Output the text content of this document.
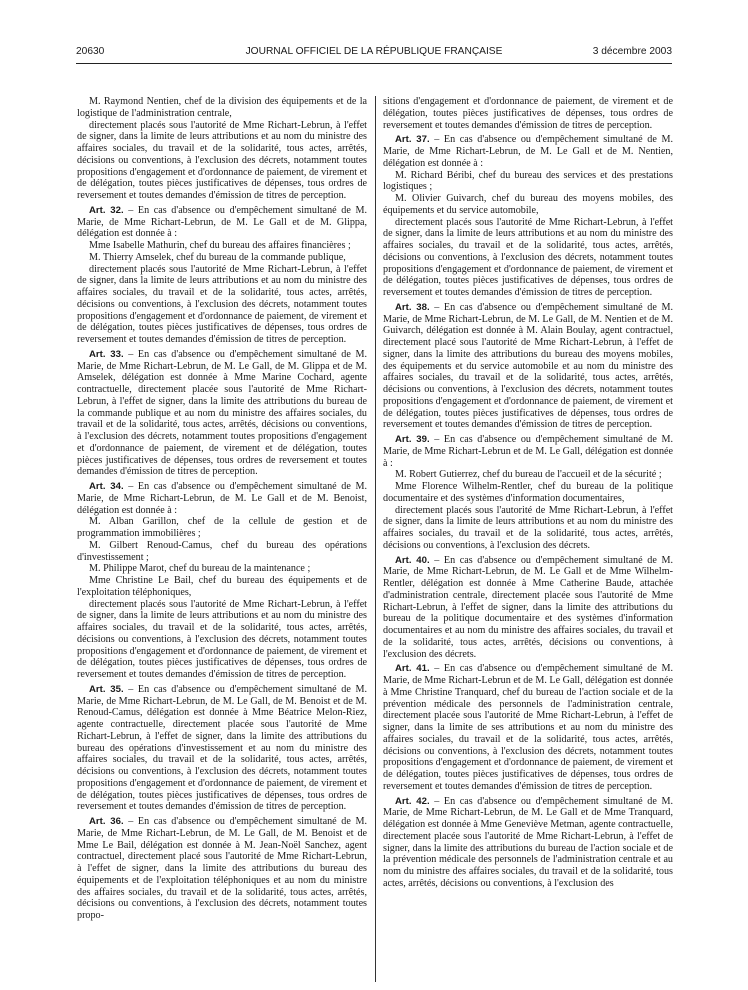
20630	JOURNAL OFFICIEL DE LA RÉPUBLIQUE FRANÇAISE	3 décembre 2003

M. Raymond Nentien, chef de la division des équipements et de la logistique de l'administration centrale,

directement placés sous l'autorité de Mme Richart-Lebrun, à l'effet de signer, dans la limite de leurs attributions et au nom du ministre des affaires sociales, du travail et de la solidarité, tous actes, arrêtés, décisions ou conventions, à l'exclusion des décrets, notamment toutes propositions d'engagement et d'ordonnance de paiement, de virement et de délégation, toutes pièces justificatives de dépenses, tous ordres de reversement et toutes demandes d'émission de titres de perception.

Art. 32. – En cas d'absence ou d'empêchement simultané de M. Marie, de Mme Richart-Lebrun, de M. Le Gall et de M. Glippa, délégation est donnée à :

Mme Isabelle Mathurin, chef du bureau des affaires financières ;

M. Thierry Amselek, chef du bureau de la commande publique,

directement placés sous l'autorité de Mme Richart-Lebrun, à l'effet de signer, dans la limite de leurs attributions et au nom du ministre des affaires sociales, du travail et de la solidarité, tous actes, arrêtés, décisions ou conventions, à l'exclusion des décrets, notamment toutes propositions d'engagement et d'ordonnance de paiement, de virement et de délégation, toutes pièces justificatives de dépenses, tous ordres de reversement et toutes demandes d'émission de titres de perception.

Art. 33. – En cas d'absence ou d'empêchement simultané de M. Marie, de Mme Richart-Lebrun, de M. Le Gall, de M. Glippa et de M. Amselek, délégation est donnée à Mme Marine Cochard, agente contractuelle, directement placée sous l'autorité de Mme Richart-Lebrun, à l'effet de signer, dans la limite des attributions du bureau de la commande publique et au nom du ministre des affaires sociales, du travail et de la solidarité, tous actes, arrêtés, décisions ou conventions, à l'exclusion des décrets, notamment toutes propositions d'engagement et d'ordonnance de paiement, de virement et de délégation, toutes pièces justificatives de dépenses, tous ordres de reversement et toutes demandes d'émission de titres de perception.

Art. 34. – En cas d'absence ou d'empêchement simultané de M. Marie, de Mme Richart-Lebrun, de M. Le Gall et de M. Benoist, délégation est donnée à :

M. Alban Garillon, chef de la cellule de gestion et de programmation immobilières ;

M. Gilbert Renoud-Camus, chef du bureau des opérations d'investissement ;

M. Philippe Marot, chef du bureau de la maintenance ;

Mme Christine Le Bail, chef du bureau des équipements et de l'exploitation téléphoniques,

directement placés sous l'autorité de Mme Richart-Lebrun, à l'effet de signer, dans la limite de leurs attributions et au nom du ministre des affaires sociales, du travail et de la solidarité, tous actes, arrêtés, décisions ou conventions, à l'exclusion des décrets, notamment toutes propositions d'engagement et d'ordonnance de paiement, de virement et de délégation, toutes pièces justificatives de dépenses, tous ordres de reversement et toutes demandes d'émission de titres de perception.

Art. 35. – En cas d'absence ou d'empêchement simultané de M. Marie, de Mme Richart-Lebrun, de M. Le Gall, de M. Benoist et de M. Renoud-Camus, délégation est donnée à Mme Béatrice Melon-Riez, agente contractuelle, directement placée sous l'autorité de Mme Richart-Lebrun, à l'effet de signer, dans la limite des attributions du bureau des opérations d'investissement et au nom du ministre des affaires sociales, du travail et de la solidarité, tous actes, arrêtés, décisions ou conventions, à l'exclusion des décrets, notamment toutes propositions d'engagement et d'ordonnance de paiement, de virement et de délégation, toutes pièces justificatives de dépenses, tous ordres de reversement et toutes demandes d'émission de titres de perception.

Art. 36. – En cas d'absence ou d'empêchement simultané de M. Marie, de Mme Richart-Lebrun, de M. Le Gall, de M. Benoist et de Mme Le Bail, délégation est donnée à M. Jean-Noël Sanchez, agent contractuel, directement placé sous l'autorité de Mme Richart-Lebrun, à l'effet de signer, dans la limite des attributions du bureau des équipements et de l'exploitation téléphoniques et au nom du ministre des affaires sociales, du travail et de la solidarité, tous actes, arrêtés, décisions ou conventions, à l'exclusion des décrets, notamment toutes propo-

sitions d'engagement et d'ordonnance de paiement, de virement et de délégation, toutes pièces justificatives de dépenses, tous ordres de reversement et toutes demandes d'émission de titres de perception.

Art. 37. – En cas d'absence ou d'empêchement simultané de M. Marie, de Mme Richart-Lebrun, de M. Le Gall et de M. Nentien, délégation est donnée à :

M. Richard Béribi, chef du bureau des services et des prestations logistiques ;

M. Olivier Guivarch, chef du bureau des moyens mobiles, des équipements et du service automobile,

directement placés sous l'autorité de Mme Richart-Lebrun, à l'effet de signer, dans la limite de leurs attributions et au nom du ministre des affaires sociales, du travail et de la solidarité, tous actes, arrêtés, décisions ou conventions, à l'exclusion des décrets, notamment toutes propositions d'engagement et d'ordonnance de paiement, de virement et de délégation, toutes pièces justificatives de dépenses, tous ordres de reversement et toutes demandes d'émission de titres de perception.

Art. 38. – En cas d'absence ou d'empêchement simultané de M. Marie, de Mme Richart-Lebrun, de M. Le Gall, de M. Nentien et de M. Guivarch, délégation est donnée à M. Alain Boulay, agent contractuel, directement placé sous l'autorité de Mme Richart-Lebrun, à l'effet de signer, dans la limite des attributions du bureau des moyens mobiles, des équipements et du service automobile et au nom du ministre des affaires sociales, du travail et de la solidarité, tous actes, arrêtés, décisions ou conventions, à l'exclusion des décrets, notamment toutes propositions d'engagement et d'ordonnance de paiement, de virement et de délégation, toutes pièces justificatives de dépenses, tous ordres de reversement et toutes demandes d'émission de titres de perception.

Art. 39. – En cas d'absence ou d'empêchement simultané de M. Marie, de Mme Richart-Lebrun et de M. Le Gall, délégation est donnée à :

M. Robert Gutierrez, chef du bureau de l'accueil et de la sécurité ;

Mme Florence Wilhelm-Rentler, chef du bureau de la politique documentaire et des systèmes d'information documentaires,

directement placés sous l'autorité de Mme Richart-Lebrun, à l'effet de signer, dans la limite de leurs attributions et au nom du ministre des affaires sociales, du travail et de la solidarité, tous actes, arrêtés, décisions ou conventions, à l'exclusion des décrets.

Art. 40. – En cas d'absence ou d'empêchement simultané de M. Marie, de Mme Richart-Lebrun, de M. Le Gall et de Mme Wilhelm-Rentler, délégation est donnée à Mme Catherine Baude, attachée d'administration centrale, directement placée sous l'autorité de Mme Richart-Lebrun, à l'effet de signer, dans la limite des attributions du bureau de la politique documentaire et des systèmes d'information documentaires et au nom du ministre des affaires sociales, du travail et de la solidarité, tous actes, arrêtés, décisions ou conventions, à l'exclusion des décrets.

Art. 41. – En cas d'absence ou d'empêchement simultané de M. Marie, de Mme Richart-Lebrun et de M. Le Gall, délégation est donnée à Mme Christine Tranquard, chef du bureau de l'action sociale et de la prévention médicale des personnels de l'administration centrale, directement placée sous l'autorité de Mme Richart-Lebrun, à l'effet de signer, dans la limite de ses attributions et au nom du ministre des affaires sociales, du travail et de la solidarité, tous actes, arrêtés, décisions ou conventions, à l'exclusion des décrets, notamment toutes propositions d'engagement et d'ordonnance de paiement, de virement et de délégation, toutes pièces justificatives de dépenses, tous ordres de reversement et toutes demandes d'émission de titres de perception.

Art. 42. – En cas d'absence ou d'empêchement simultané de M. Marie, de Mme Richart-Lebrun, de M. Le Gall et de Mme Tranquard, délégation est donnée à Mme Geneviève Metman, agente contractuelle, directement placée sous l'autorité de Mme Richart-Lebrun, à l'effet de signer, dans la limite des attributions du bureau de l'action sociale et de la prévention médicale des personnels de l'administration centrale et au nom du ministre des affaires sociales, du travail et de la solidarité, tous actes, arrêtés, décisions ou conventions, à l'exclusion des
